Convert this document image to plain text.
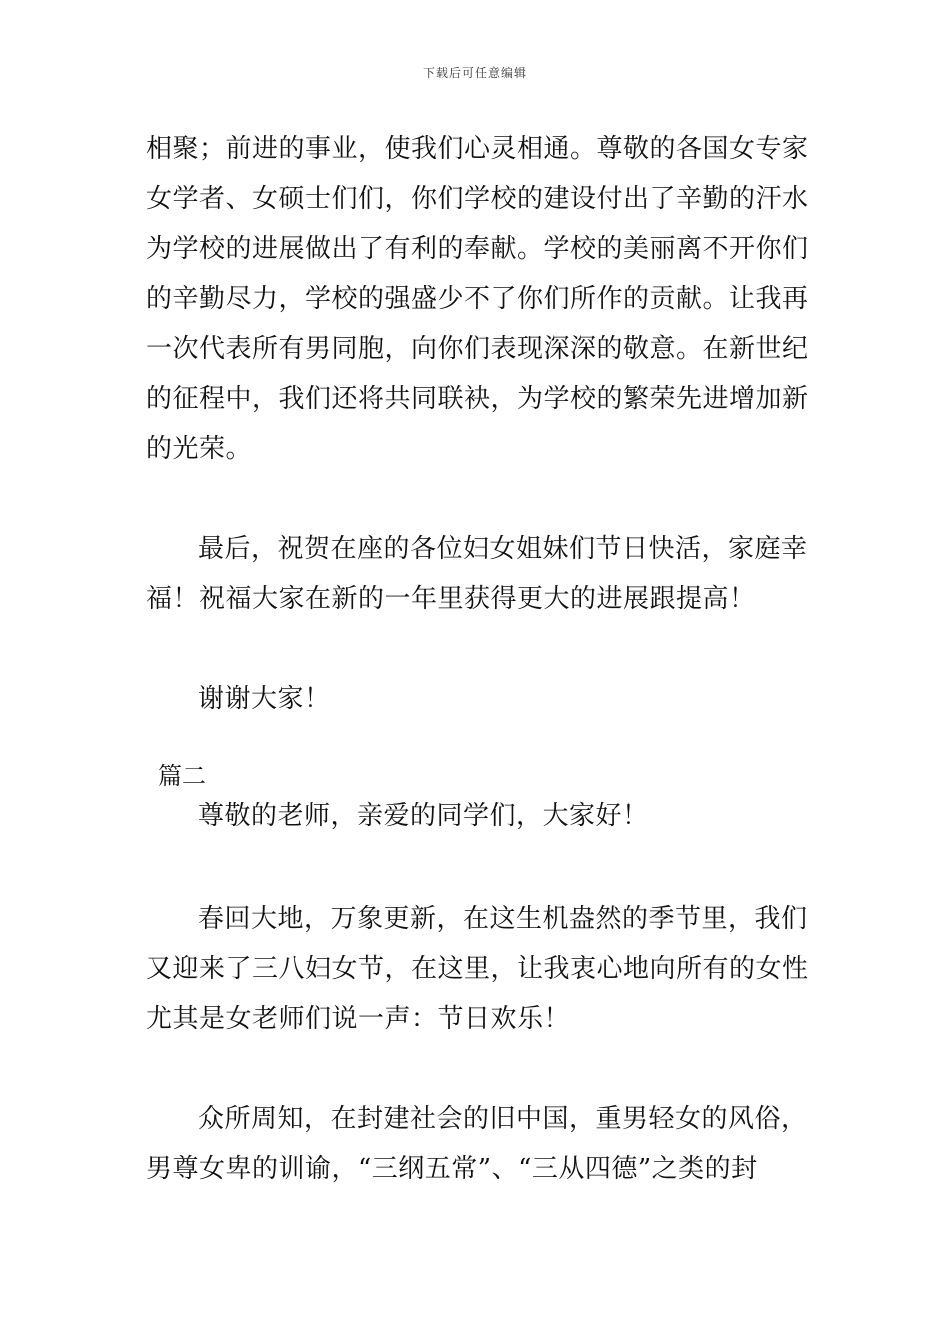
下载后可任意编辑
相聚；前进的事业，使我们心灵相通。尊敬的各国女专家
女学者、女硕士们们，你们学校的建设付出了辛勤的汗水
为学校的进展做出了有利的奉献。学校的美丽离不开你们
的辛勤尽力，学校的强盛少不了你们所作的贡献。让我再
一次代表所有男同胞，向你们表现深深的敬意。在新世纪
的征程中，我们还将共同联袂，为学校的繁荣先进增加新
的光荣。
最后，祝贺在座的各位妇女姐妹们节日快活，家庭幸
福！祝福大家在新的一年里获得更大的进展跟提高！
谢谢大家！
篇二
尊敬的老师，亲爱的同学们，大家好！
春回大地，万象更新，在这生机盎然的季节里，我们
又迎来了三八妇女节，在这里，让我衷心地向所有的女性
尤其是女老师们说一声：节日欢乐！
众所周知，在封建社会的旧中国，重男轻女的风俗，
男尊女卑的训谕，“三纲五常”、“三从四德”之类的封
